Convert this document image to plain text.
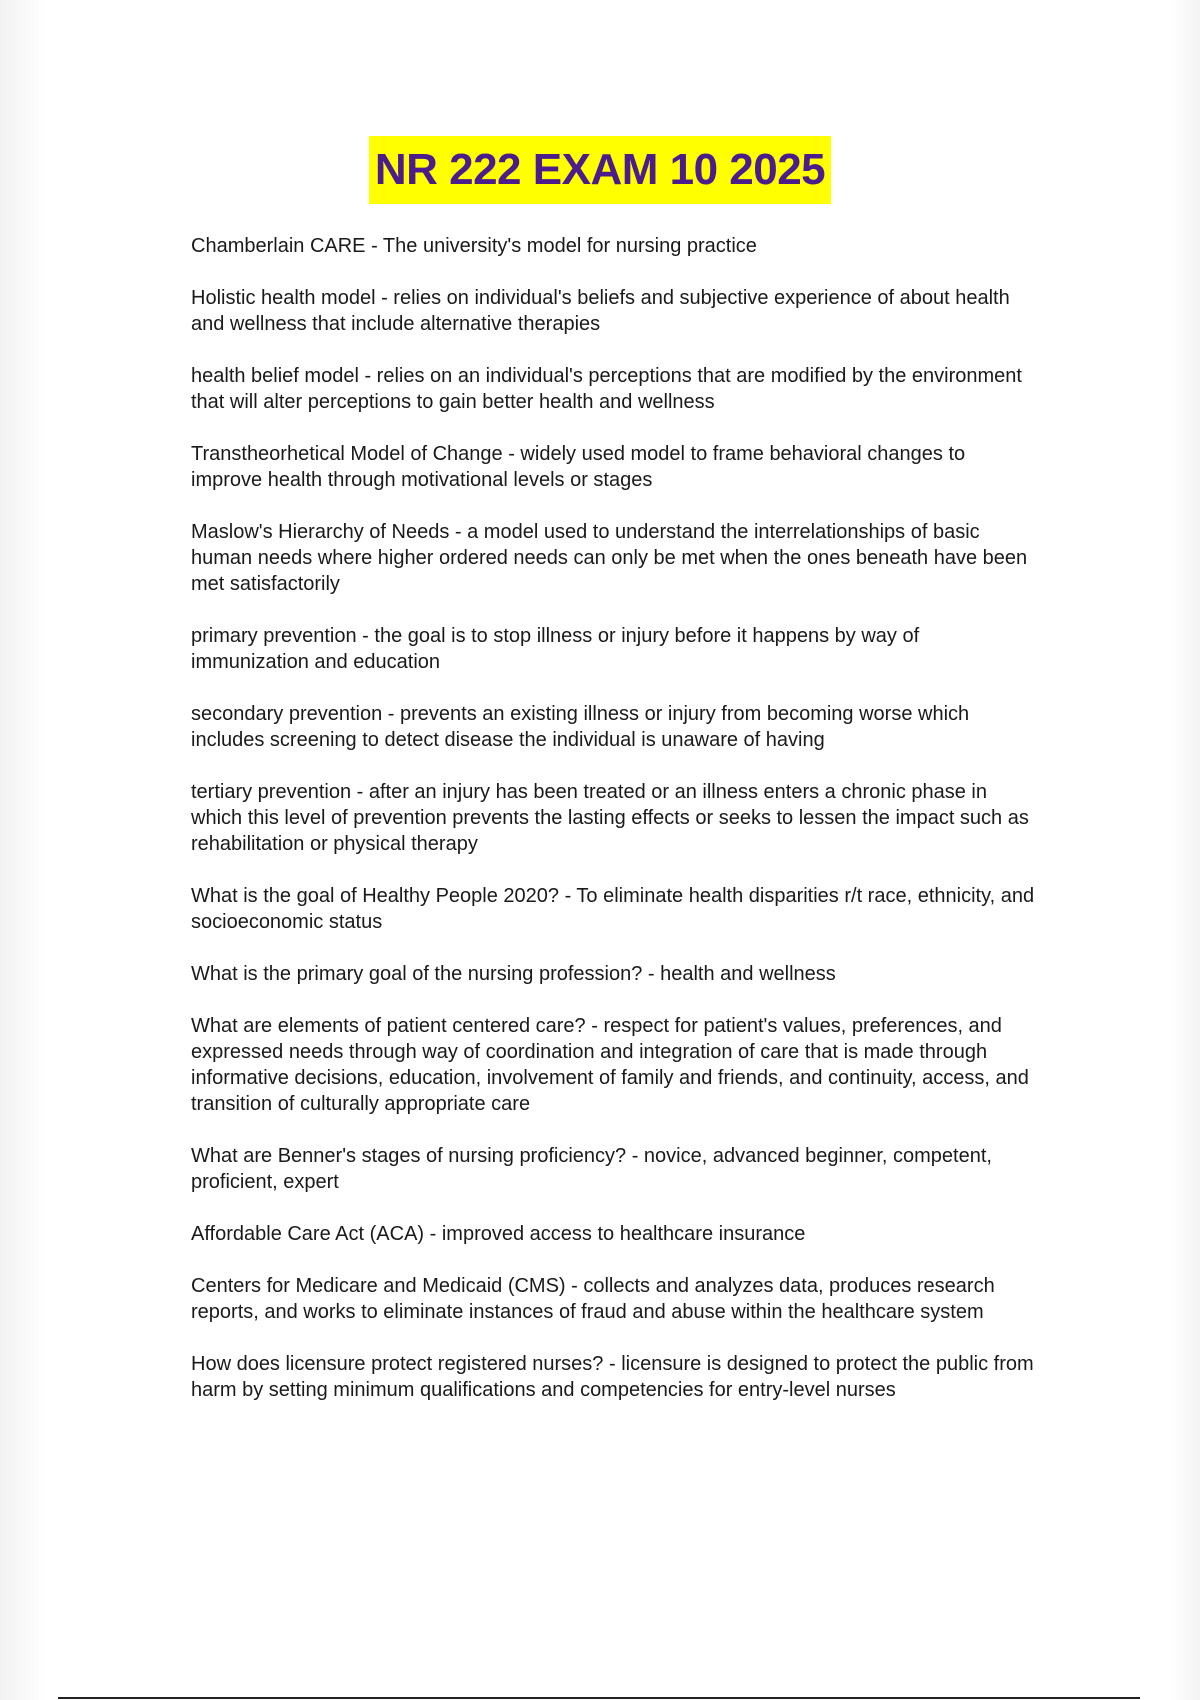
NR 222 EXAM 10 2025

Chamberlain CARE - The university's model for nursing practice

Holistic health model - relies on individual's beliefs and subjective experience of about health and wellness that include alternative therapies

health belief model - relies on an individual's perceptions that are modified by the environment that will alter perceptions to gain better health and wellness

Transtheorhetical Model of Change - widely used model to frame behavioral changes to improve health through motivational levels or stages

Maslow's Hierarchy of Needs - a model used to understand the interrelationships of basic human needs where higher ordered needs can only be met when the ones beneath have been met satisfactorily

primary prevention - the goal is to stop illness or injury before it happens by way of immunization and education

secondary prevention - prevents an existing illness or injury from becoming worse which includes screening to detect disease the individual is unaware of having

tertiary prevention - after an injury has been treated or an illness enters a chronic phase in which this level of prevention prevents the lasting effects or seeks to lessen the impact such as rehabilitation or physical therapy

What is the goal of Healthy People 2020? - To eliminate health disparities r/t race, ethnicity, and socioeconomic status

What is the primary goal of the nursing profession? - health and wellness

What are elements of patient centered care? - respect for patient's values, preferences, and expressed needs through way of coordination and integration of care that is made through informative decisions, education, involvement of family and friends, and continuity, access, and transition of culturally appropriate care

What are Benner's stages of nursing proficiency? - novice, advanced beginner, competent, proficient, expert

Affordable Care Act (ACA) - improved access to healthcare insurance

Centers for Medicare and Medicaid (CMS) - collects and analyzes data, produces research reports, and works to eliminate instances of fraud and abuse within the healthcare system

How does licensure protect registered nurses? - licensure is designed to protect the public from harm by setting minimum qualifications and competencies for entry-level nurses
